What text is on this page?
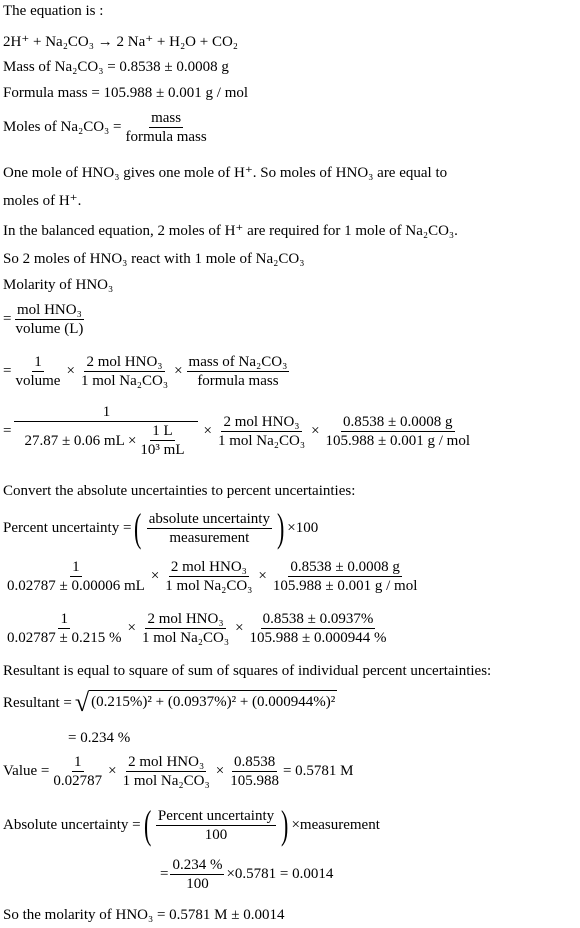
The equation is :
2H⁺ + Na₂CO₃ → 2 Na⁺ + H₂O + CO₂
Mass of Na₂CO₃ = 0.8538 ± 0.0008 g
Formula mass = 105.988 ± 0.001 g / mol
Moles of $Na_2CO_3 = \frac{\text{mass}}{\text{formula mass}}$
One mole of HNO₃ gives one mole of H⁺. So moles of HNO₃ are equal to
moles of H⁺.
In the balanced equation, 2 moles of H⁺ are required for 1 mole of Na₂CO₃.
So 2 moles of HNO₃ react with 1 mole of Na₂CO₃
Molarity of HNO₃
= $\frac{\text{mol HNO₃}}{\text{volume (L)}}$
= $\frac{1}{\text{volume}} \times \frac{\text{2 mol HNO₃}}{\text{1 mol Na₂CO₃}} \times \frac{\text{mass of Na₂CO₃}}{\text{formula mass}}$
= $\frac{1}{27.87 \pm 0.06 mL \times \frac{1 L}{\text{10³ mL}}} \times \frac{\text{2 mol HNO₃}}{\text{1 mol Na₂CO₃}} \times \frac{0.8538 \pm 0.0008 g}{\text{105.988 ± 0.001 g / mol}}$
Convert the absolute uncertainties to percent uncertainties:
Percent uncertainty = ( $\frac{\text{absolute uncertainty}}{\text{measurement}}$ ) ×100
$\frac{1}{0.02787 \pm 0.00006 mL} \times \frac{\text{2 mol HNO₃}}{\text{1 mol Na₂CO₃}} \times \frac{0.8538 \pm 0.0008 g}{\text{105.988 ± 0.001 g / mol}}$
$\frac{1}{0.02787 \pm 0.215 \%} \times \frac{\text{2 mol HNO₃}}{\text{1 mol Na₂CO₃}} \times \frac{0.8538 \pm 0.0937\%}{105.988 \pm 0.000944 \%}$
Resultant is equal to square of sum of squares of individual percent uncertainties:
Resultant = √ (0.215%)² + (0.0937%)² + (0.000944%)²
= 0.234 %
Value = $\frac{1}{0.02787} \times \frac{\text{2 mol HNO₃}}{\text{1 mol Na₂CO₃}} \times \frac{0.8538}{105.988} = 0.5781$ M
Absolute uncertainty = ( $\frac{\text{Percent uncertainty}}{100}$ ) ×measurement
= $\frac{0.234 \%}{100} \times 0.5781 = 0.0014$
So the molarity of HNO₃ = 0.5781 M ± 0.0014
